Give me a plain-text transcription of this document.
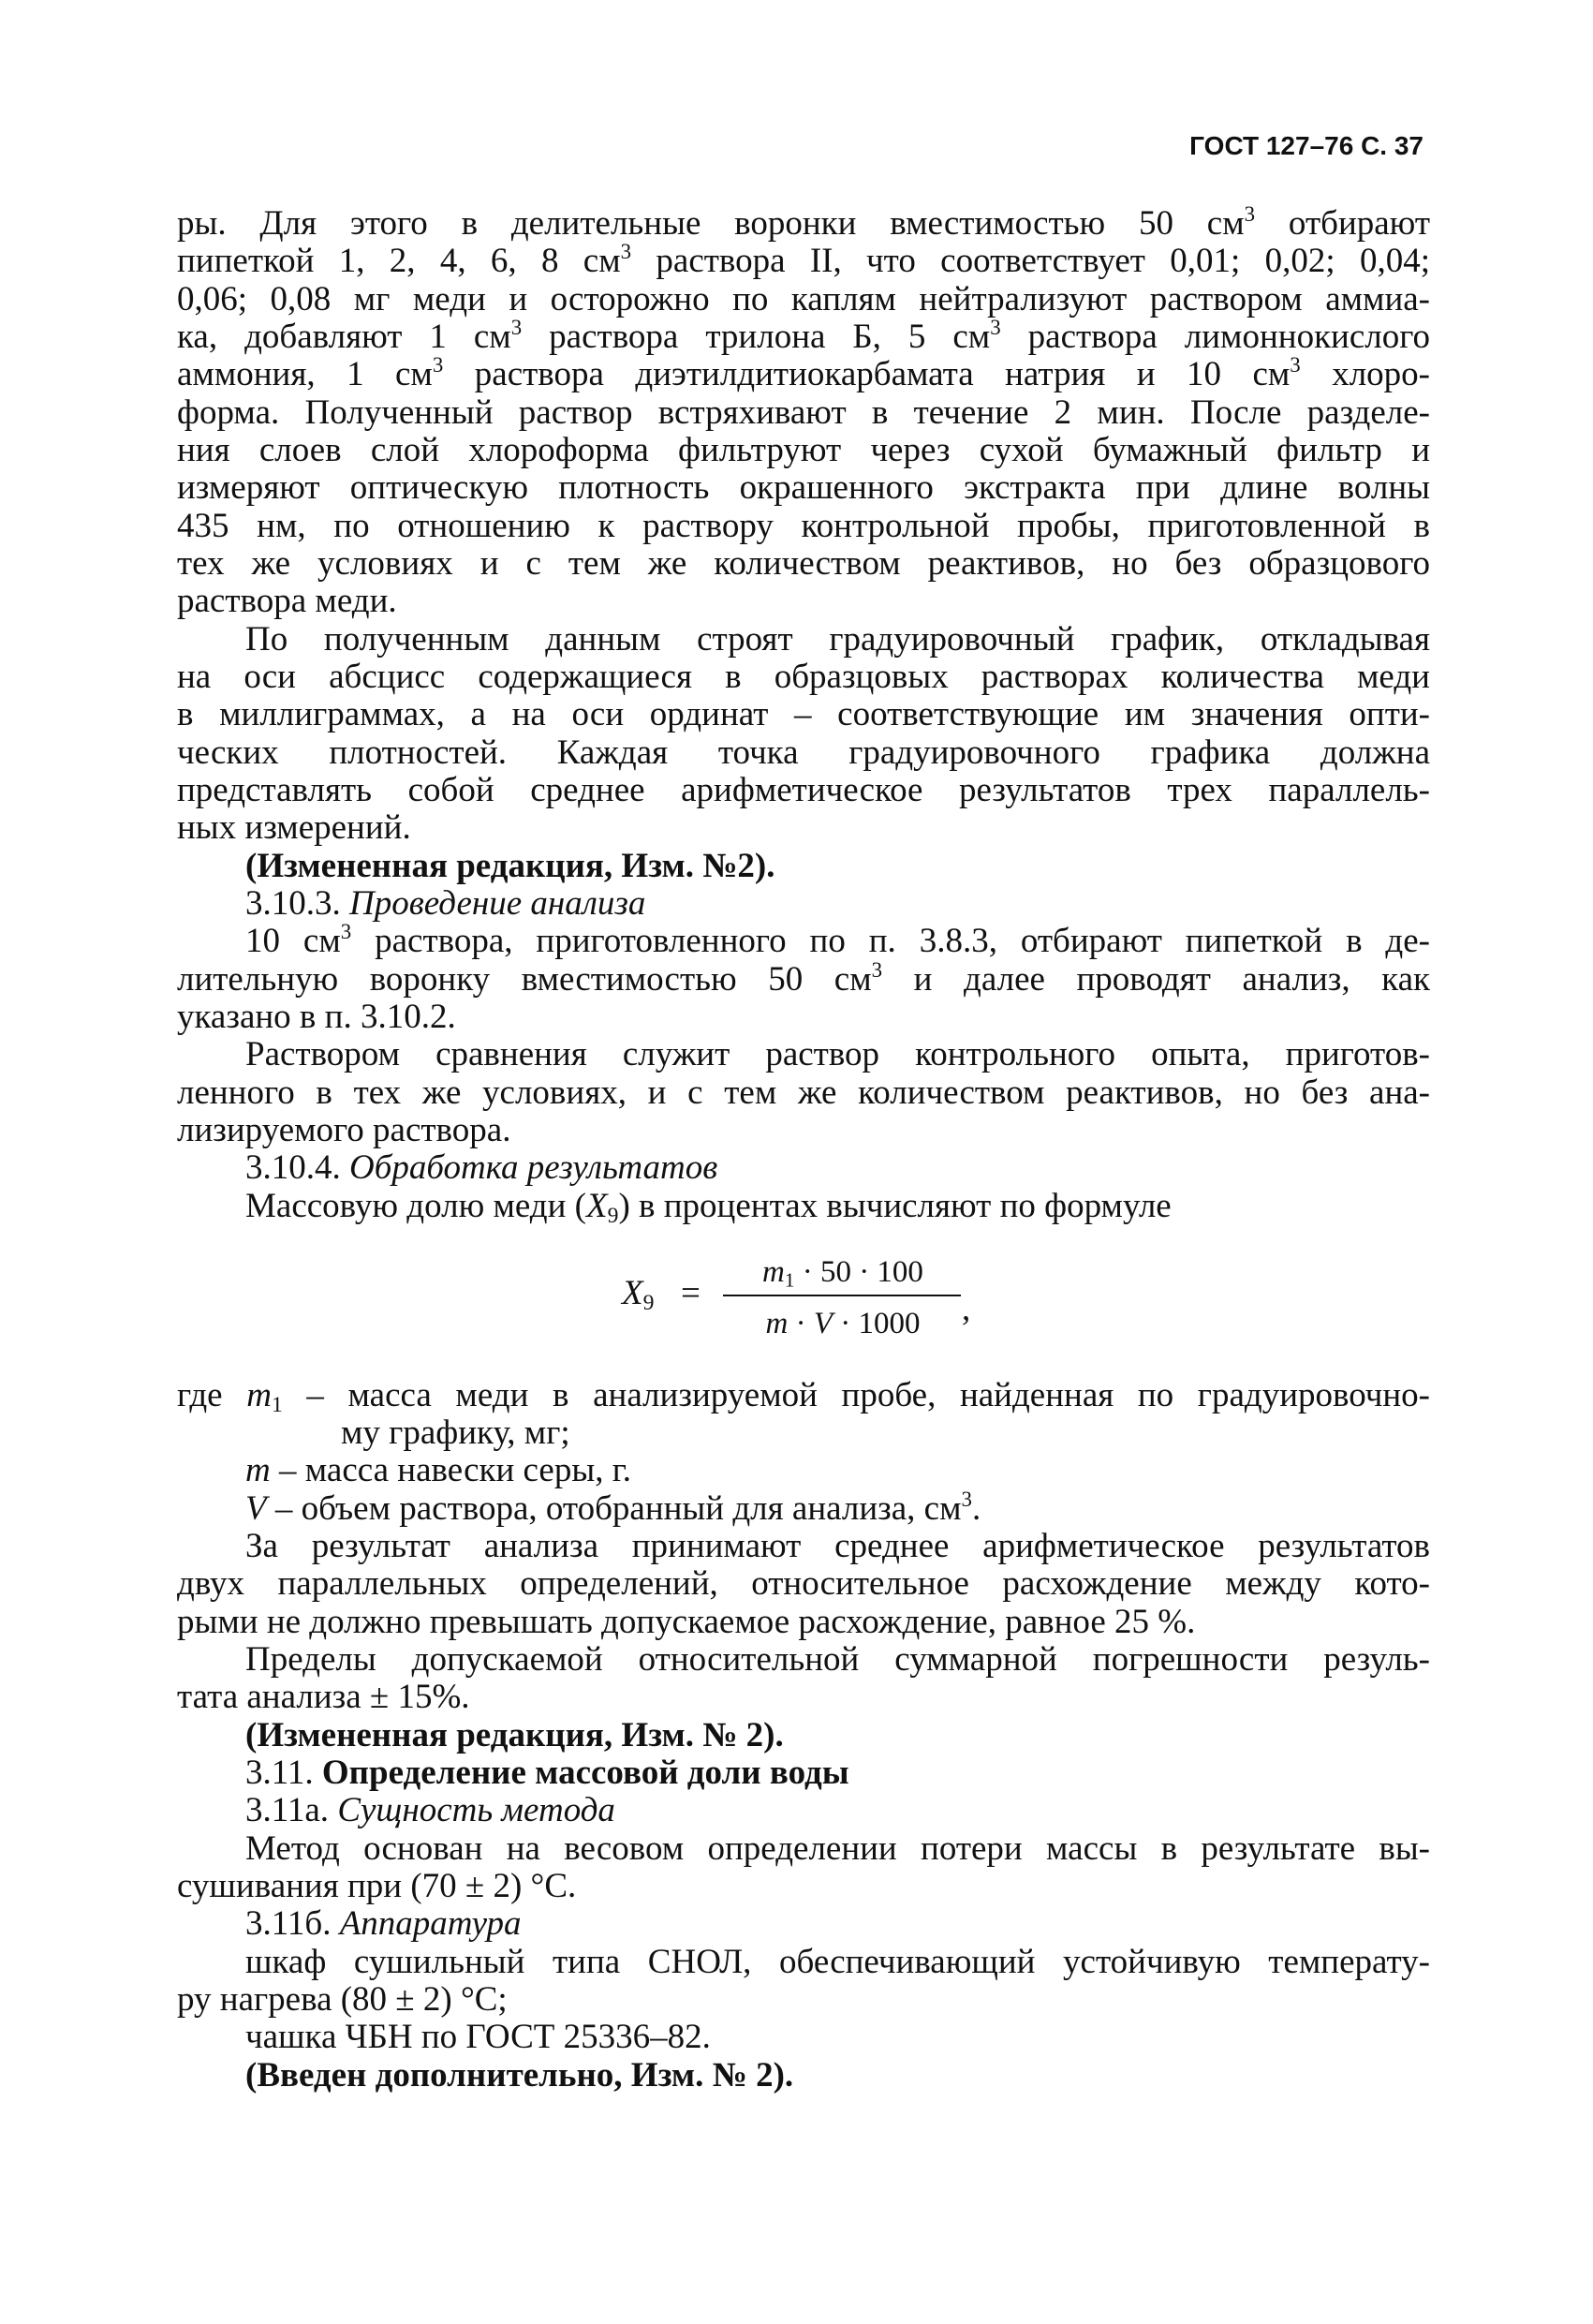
ГОСТ 127–76 С. 37
ры. Для этого в делительные воронки вместимостью 50 $см^3$ отбирают
пипеткой 1, 2, 4, 6, 8 $см^3$ раствора II, что соответствует 0,01; 0,02; 0,04;
0,06; 0,08 мг меди и осторожно по каплям нейтрализуют раствором аммиа-
ка, добавляют 1 $см^3$ раствора трилона Б, 5 $см^3$ раствора лимоннокислого
аммония, 1 $см^3$ раствора диэтилдитиокарбамата натрия и 10 $см^3$ хлоро-
форма. Полученный раствор встряхивают в течение 2 мин. После разделе-
ния слоев слой хлороформа фильтруют через сухой бумажный фильтр и
измеряют оптическую плотность окрашенного экстракта при длине волны
435 нм, по отношению к раствору контрольной пробы, приготовленной в
тех же условиях и с тем же количеством реактивов, но без образцового
раствора меди.
По полученным данным строят градуировочный график, откладывая
на оси абсцисс содержащиеся в образцовых растворах количества меди
в миллиграммах, а на оси ординат – соответствующие им значения опти-
ческих плотностей. Каждая точка градуировочного графика должна
представлять собой среднее арифметическое результатов трех параллель-
ных измерений.
(Измененная редакция, Изм. №2).
3.10.3. Проведение анализа
10 $см^3$ раствора, приготовленного по п. 3.8.3, отбирают пипеткой в де-
лительную воронку вместимостью 50 $см^3$ и далее проводят анализ, как
указано в п. 3.10.2.
Раствором сравнения служит раствор контрольного опыта, приготов-
ленного в тех же условиях, и с тем же количеством реактивов, но без ана-
лизируемого раствора.
3.10.4. Обработка результатов
Массовую долю меди $(X_9)$ в процентах вычисляют по формуле
$X_9$ =
$m_1 \cdot 50 \cdot 100$
m · V · 1000	,
где $m_1$ – масса меди в анализируемой пробе, найденная по градуировочно-
му графику, мг;
m – масса навески серы, г.
V – объем раствора, отобранный для анализа, $см^3$.
За результат анализа принимают среднее арифметическое результатов
двух параллельных определений, относительное расхождение между кото-
рыми не должно превышать допускаемое расхождение, равное 25 %.
Пределы допускаемой относительной суммарной погрешности резуль-
тата анализа ± 15%.
(Измененная редакция, Изм. № 2).
3.11. Определение массовой доли воды
3.11а. Сущность метода
Метод основан на весовом определении потери массы в результате вы-
сушивания при (70 ± 2) °С.
3.11б. Аппаратура
шкаф сушильный типа СНОЛ, обеспечивающий устойчивую температу-
ру нагрева (80 ± 2) °С;
чашка ЧБН по ГОСТ 25336–82.
(Введен дополнительно, Изм. № 2).
